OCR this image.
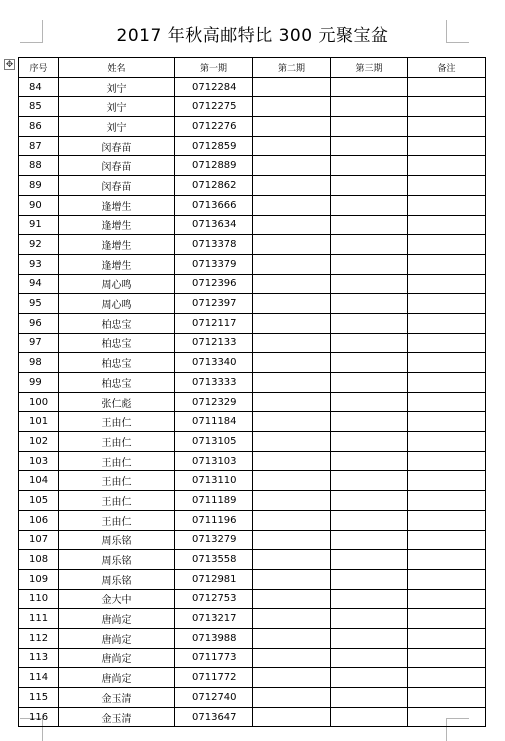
2017 年秋高邮特比 300 元聚宝盆
✥ 序号	姓名	第一期	第二期	第三期	备注
84	刘宁	0712284			
85	刘宁	0712275			
86	刘宁	0712276			
87	闵春苗	0712859			
88	闵春苗	0712889			
89	闵春苗	0712862			
90	逢增生	0713666			
91	逢增生	0713634			
92	逢增生	0713378			
93	逢增生	0713379			
94	周心鸣	0712396			
95	周心鸣	0712397			
96	柏忠宝	0712117			
97	柏忠宝	0712133			
98	柏忠宝	0713340			
99	柏忠宝	0713333			
100	张仁彪	0712329			
101	王由仁	0711184			
102	王由仁	0713105			
103	王由仁	0713103			
104	王由仁	0713110			
105	王由仁	0711189			
106	王由仁	0711196			
107	周乐铭	0713279			
108	周乐铭	0713558			
109	周乐铭	0712981			
110	金大中	0712753			
111	唐尚定	0713217			
112	唐尚定	0713988			
113	唐尚定	0711773			
114	唐尚定	0711772			
115	金玉清	0712740			
116	金玉清	0713647			
